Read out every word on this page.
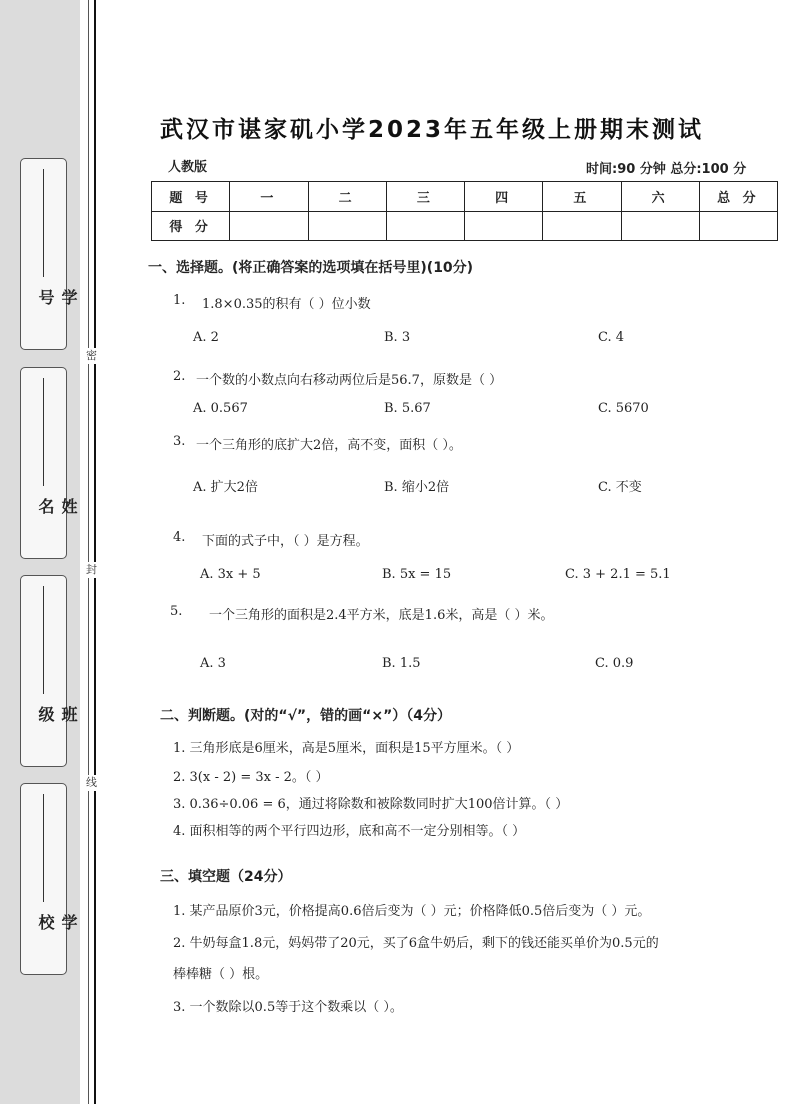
学号
姓名
班级
学校
密
封
线
武汉市谌家矶小学2023年五年级上册期末测试
人教版	时间:90 分钟 总分:100 分
题 号	一	二	三	四	五	六	总 分
得 分							
一、选择题。(将正确答案的选项填在括号里)(10分)
1. 1.8×0.35的积有（ ）位小数
A. 2	B. 3	C. 4
2. 一个数的小数点向右移动两位后是56.7，原数是（ ）
A. 0.567	B. 5.67	C. 5670
3. 一个三角形的底扩大2倍，高不变，面积（ ）。
A. 扩大2倍	B. 缩小2倍	C. 不变
4. 下面的式子中，（ ）是方程。
A. 3x + 5	B. 5x = 15	C. 3 + 2.1 = 5.1
5. 一个三角形的面积是2.4平方米，底是1.6米，高是（ ）米。
A. 3	B. 1.5	C. 0.9
二、判断题。(对的“√”，错的画“×”）（4分）
1. 三角形底是6厘米，高是5厘米，面积是15平方厘米。（ ）
2. 3(x - 2) = 3x - 2。（ ）
3. 0.36÷0.06 = 6，通过将除数和被除数同时扩大100倍计算。（ ）
4. 面积相等的两个平行四边形，底和高不一定分别相等。（ ）
三、填空题（24分）
1. 某产品原价3元，价格提高0.6倍后变为（ ）元；价格降低0.5倍后变为（ ）元。
2. 牛奶每盒1.8元，妈妈带了20元，买了6盒牛奶后，剩下的钱还能买单价为0.5元的
棒棒糖（ ）根。
3. 一个数除以0.5等于这个数乘以（ ）。
